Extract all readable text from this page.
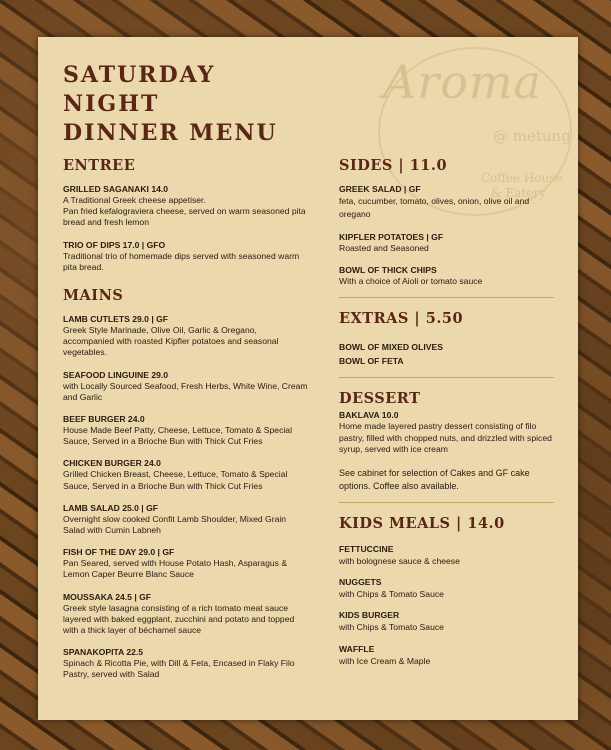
Aroma
@ metung
Coffee House
& Eatery
SATURDAY
NIGHT
DINNER MENU
ENTREE
GRILLED SAGANAKI 14.0
A Traditional Greek cheese appetiser.
Pan fried kefalograviera cheese, served on warm seasoned pita bread and fresh lemon
TRIO OF DIPS 17.0 | GFO
Traditional trio of homemade dips served with seasoned warm pita bread.
MAINS
LAMB CUTLETS 29.0 | GF
Greek Style Marinade, Olive Oil, Garlic & Oregano, accompanied with roasted Kipfler potatoes and seasonal vegetables.
SEAFOOD LINGUINE 29.0
with Locally Sourced Seafood, Fresh Herbs, White Wine, Cream and Garlic
BEEF BURGER 24.0
House Made Beef Patty, Cheese, Lettuce, Tomato & Special Sauce, Served in a Brioche Bun with Thick Cut Fries
CHICKEN BURGER 24.0
Grilled Chicken Breast, Cheese, Lettuce, Tomato & Special Sauce, Served in a Brioche Bun with Thick Cut Fries
LAMB SALAD 25.0 | GF
Overnight slow cooked Confit Lamb Shoulder, Mixed Grain Salad with Cumin Labneh
FISH OF THE DAY 29.0 | GF
Pan Seared, served with House Potato Hash, Asparagus & Lemon Caper Beurre Blanc Sauce
MOUSSAKA 24.5 | GF
Greek style lasagna consisting of a rich tomato meat sauce layered with baked eggplant, zucchini and potato and topped with a thick layer of béchamel sauce
SPANAKOPITA 22.5
Spinach & Ricotta Pie, with Dill & Feta, Encased in Flaky Filo Pastry, served with Salad
SIDES | 11.0
GREEK SALAD | GF
feta, cucumber, tomato, olives, onion, olive oil and oregano
KIPFLER POTATOES | GF
Roasted and Seasoned
BOWL OF THICK CHIPS
With a choice of Aioli or tomato sauce
EXTRAS | 5.50
BOWL OF MIXED OLIVES
BOWL OF FETA
DESSERT
BAKLAVA 10.0
Home made layered pastry dessert consisting of filo pastry, filled with chopped nuts, and drizzled with spiced syrup, served with ice cream
See cabinet for selection of Cakes and GF cake options. Coffee also available.
KIDS MEALS | 14.0
FETTUCCINE
with bolognese sauce & cheese
NUGGETS
with Chips & Tomato Sauce
KIDS BURGER
with Chips & Tomato Sauce
WAFFLE
with Ice Cream & Maple
